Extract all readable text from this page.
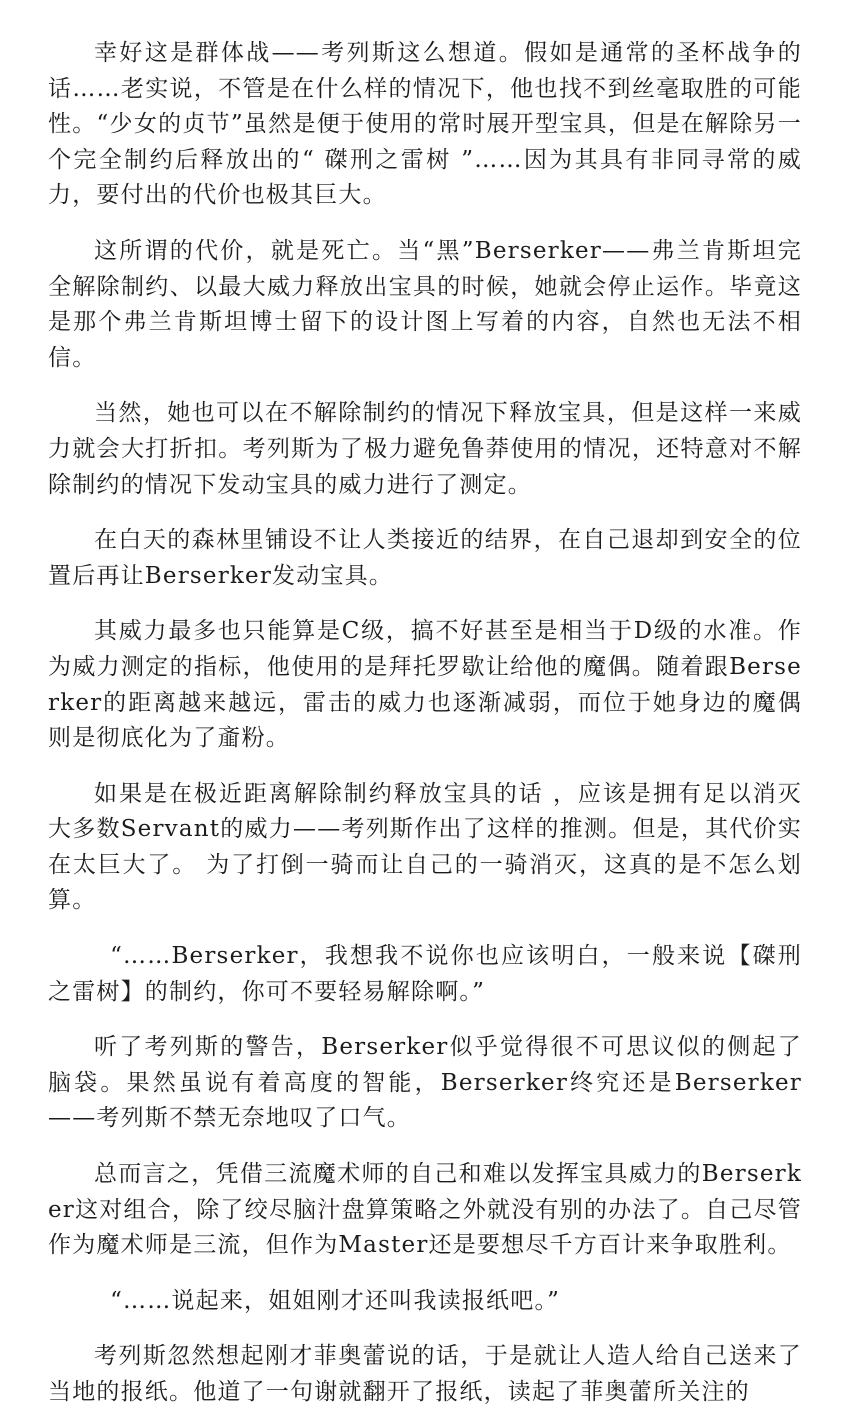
幸好这是群体战——考列斯这么想道。假如是通常的圣杯战争的话……老实说，不管是在什么样的情况下，他也找不到丝毫取胜的可能性。“少女的贞节”虽然是便于使用的常时展开型宝具，但是在解除另一个完全制约后释放出的“ 磔刑之雷树 ”……因为其具有非同寻常的威力，要付出的代价也极其巨大。

这所谓的代价，就是死亡。当“黑”Berserker——弗兰肯斯坦完全解除制约、以最大威力释放出宝具的时候，她就会停止运作。毕竟这是那个弗兰肯斯坦博士留下的设计图上写着的内容，自然也无法不相信。

当然，她也可以在不解除制约的情况下释放宝具，但是这样一来威力就会大打折扣。考列斯为了极力避免鲁莽使用的情况，还特意对不解除制约的情况下发动宝具的威力进行了测定。

在白天的森林里铺设不让人类接近的结界，在自己退却到安全的位置后再让Berserker发动宝具。

其威力最多也只能算是C级，搞不好甚至是相当于D级的水准。作为威力测定的指标，他使用的是拜托罗歇让给他的魔偶。随着跟Berserker的距离越来越远，雷击的威力也逐渐减弱，而位于她身边的魔偶则是彻底化为了齑粉。

如果是在极近距离解除制约释放宝具的话 ，应该是拥有足以消灭大多数Servant的威力——考列斯作出了这样的推测。但是，其代价实在太巨大了。 为了打倒一骑而让自己的一骑消灭，这真的是不怎么划算。

“……Berserker，我想我不说你也应该明白，一般来说【磔刑之雷树】的制约，你可不要轻易解除啊。”

听了考列斯的警告，Berserker似乎觉得很不可思议似的侧起了脑袋。果然虽说有着高度的智能，Berserker终究还是Berserker——考列斯不禁无奈地叹了口气。

总而言之，凭借三流魔术师的自己和难以发挥宝具威力的Berserker这对组合，除了绞尽脑汁盘算策略之外就没有别的办法了。自己尽管作为魔术师是三流，但作为Master还是要想尽千方百计来争取胜利。

“……说起来，姐姐刚才还叫我读报纸吧。”

考列斯忽然想起刚才菲奥蕾说的话，于是就让人造人给自己送来了当地的报纸。他道了一句谢就翻开了报纸，读起了菲奥蕾所关注的
